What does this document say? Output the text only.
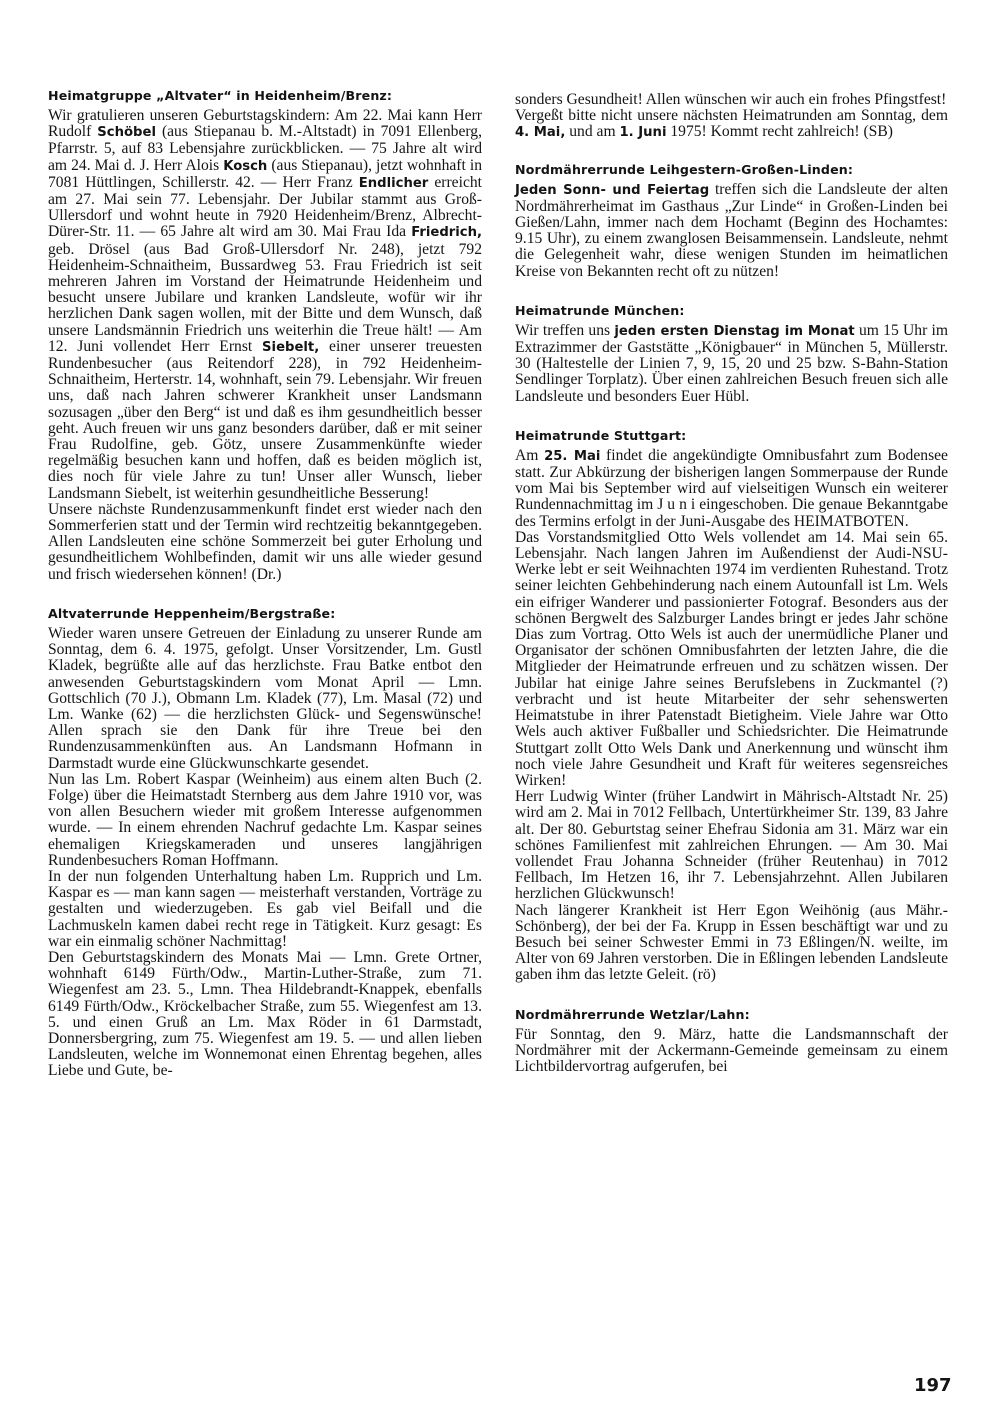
Heimatgruppe „Altvater“ in Heidenheim/Brenz:

Wir gratulieren unseren Geburtstagskindern: Am 22. Mai kann Herr Rudolf Schöbel (aus Stiepanau b. M.-Altstadt) in 7091 Ellenberg, Pfarrstr. 5, auf 83 Lebensjahre zurückblicken. — 75 Jahre alt wird am 24. Mai d. J. Herr Alois Kosch (aus Stiepanau), jetzt wohnhaft in 7081 Hüttlingen, Schillerstr. 42. — Herr Franz Endlicher erreicht am 27. Mai sein 77. Lebensjahr. Der Jubilar stammt aus Groß-Ullersdorf und wohnt heute in 7920 Heidenheim/Brenz, Albrecht-Dürer-Str. 11. — 65 Jahre alt wird am 30. Mai Frau Ida Friedrich, geb. Drösel (aus Bad Groß-Ullersdorf Nr. 248), jetzt 792 Heidenheim-Schnaitheim, Bussardweg 53. Frau Friedrich ist seit mehreren Jahren im Vorstand der Heimatrunde Heidenheim und besucht unsere Jubilare und kranken Landsleute, wofür wir ihr herzlichen Dank sagen wollen, mit der Bitte und dem Wunsch, daß unsere Landsmännin Friedrich uns weiterhin die Treue hält! — Am 12. Juni vollendet Herr Ernst Siebelt, einer unserer treuesten Rundenbesucher (aus Reitendorf 228), in 792 Heidenheim-Schnaitheim, Herterstr. 14, wohnhaft, sein 79. Lebensjahr. Wir freuen uns, daß nach Jahren schwerer Krankheit unser Landsmann sozusagen „über den Berg“ ist und daß es ihm gesundheitlich besser geht. Auch freuen wir uns ganz besonders darüber, daß er mit seiner Frau Rudolfine, geb. Götz, unsere Zusammenkünfte wieder regelmäßig besuchen kann und hoffen, daß es beiden möglich ist, dies noch für viele Jahre zu tun! Unser aller Wunsch, lieber Landsmann Siebelt, ist weiterhin gesundheitliche Besserung!

Unsere nächste Rundenzusammenkunft findet erst wieder nach den Sommerferien statt und der Termin wird rechtzeitig bekanntgegeben. Allen Landsleuten eine schöne Sommerzeit bei guter Erholung und gesundheitlichem Wohlbefinden, damit wir uns alle wieder gesund und frisch wiedersehen können! (Dr.)

Altvaterrunde Heppenheim/Bergstraße:

Wieder waren unsere Getreuen der Einladung zu unserer Runde am Sonntag, dem 6. 4. 1975, gefolgt. Unser Vorsitzender, Lm. Gustl Kladek, begrüßte alle auf das herzlichste. Frau Batke entbot den anwesenden Geburtstagskindern vom Monat April — Lmn. Gottschlich (70 J.), Obmann Lm. Kladek (77), Lm. Masal (72) und Lm. Wanke (62) — die herzlichsten Glück- und Segenswünsche! Allen sprach sie den Dank für ihre Treue bei den Rundenzusammenkünften aus. An Landsmann Hofmann in Darmstadt wurde eine Glückwunschkarte gesendet.

Nun las Lm. Robert Kaspar (Weinheim) aus einem alten Buch (2. Folge) über die Heimatstadt Sternberg aus dem Jahre 1910 vor, was von allen Besuchern wieder mit großem Interesse aufgenommen wurde. — In einem ehrenden Nachruf gedachte Lm. Kaspar seines ehemaligen Kriegskameraden und unseres langjährigen Rundenbesuchers Roman Hoffmann.

In der nun folgenden Unterhaltung haben Lm. Rupprich und Lm. Kaspar es — man kann sagen — meisterhaft verstanden, Vorträge zu gestalten und wiederzugeben. Es gab viel Beifall und die Lachmuskeln kamen dabei recht rege in Tätigkeit. Kurz gesagt: Es war ein einmalig schöner Nachmittag!

Den Geburtstagskindern des Monats Mai — Lmn. Grete Ortner, wohnhaft 6149 Fürth/Odw., Martin-Luther-Straße, zum 71. Wiegenfest am 23. 5., Lmn. Thea Hildebrandt-Knappek, ebenfalls 6149 Fürth/Odw., Kröckelbacher Straße, zum 55. Wiegenfest am 13. 5. und einen Gruß an Lm. Max Röder in 61 Darmstadt, Donnersbergring, zum 75. Wiegenfest am 19. 5. — und allen lieben Landsleuten, welche im Wonnemonat einen Ehrentag begehen, alles Liebe und Gute, be-

sonders Gesundheit! Allen wünschen wir auch ein frohes Pfingstfest!

Vergeßt bitte nicht unsere nächsten Heimatrunden am Sonntag, dem 4. Mai, und am 1. Juni 1975! Kommt recht zahlreich! (SB)

Nordmährerrunde Leihgestern-Großen-Linden:

Jeden Sonn- und Feiertag treffen sich die Landsleute der alten Nordmährerheimat im Gasthaus „Zur Linde“ in Großen-Linden bei Gießen/Lahn, immer nach dem Hochamt (Beginn des Hochamtes: 9.15 Uhr), zu einem zwanglosen Beisammensein. Landsleute, nehmt die Gelegenheit wahr, diese wenigen Stunden im heimatlichen Kreise von Bekannten recht oft zu nützen!

Heimatrunde München:

Wir treffen uns jeden ersten Dienstag im Monat um 15 Uhr im Extrazimmer der Gaststätte „Königbauer“ in München 5, Müllerstr. 30 (Haltestelle der Linien 7, 9, 15, 20 und 25 bzw. S-Bahn-Station Sendlinger Torplatz). Über einen zahlreichen Besuch freuen sich alle Landsleute und besonders Euer Hübl.

Heimatrunde Stuttgart:

Am 25. Mai findet die angekündigte Omnibusfahrt zum Bodensee statt. Zur Abkürzung der bisherigen langen Sommerpause der Runde vom Mai bis September wird auf vielseitigen Wunsch ein weiterer Rundennachmittag im J u n i eingeschoben. Die genaue Bekanntgabe des Termins erfolgt in der Juni-Ausgabe des HEIMATBOTEN.

Das Vorstandsmitglied Otto Wels vollendet am 14. Mai sein 65. Lebensjahr. Nach langen Jahren im Außendienst der Audi-NSU-Werke lebt er seit Weihnachten 1974 im verdienten Ruhestand. Trotz seiner leichten Gehbehinderung nach einem Autounfall ist Lm. Wels ein eifriger Wanderer und passionierter Fotograf. Besonders aus der schönen Bergwelt des Salzburger Landes bringt er jedes Jahr schöne Dias zum Vortrag. Otto Wels ist auch der unermüdliche Planer und Organisator der schönen Omnibusfahrten der letzten Jahre, die die Mitglieder der Heimatrunde erfreuen und zu schätzen wissen. Der Jubilar hat einige Jahre seines Berufslebens in Zuckmantel (?) verbracht und ist heute Mitarbeiter der sehr sehenswerten Heimatstube in ihrer Patenstadt Bietigheim. Viele Jahre war Otto Wels auch aktiver Fußballer und Schiedsrichter. Die Heimatrunde Stuttgart zollt Otto Wels Dank und Anerkennung und wünscht ihm noch viele Jahre Gesundheit und Kraft für weiteres segensreiches Wirken!

Herr Ludwig Winter (früher Landwirt in Mährisch-Altstadt Nr. 25) wird am 2. Mai in 7012 Fellbach, Untertürkheimer Str. 139, 83 Jahre alt. Der 80. Geburtstag seiner Ehefrau Sidonia am 31. März war ein schönes Familienfest mit zahlreichen Ehrungen. — Am 30. Mai vollendet Frau Johanna Schneider (früher Reutenhau) in 7012 Fellbach, Im Hetzen 16, ihr 7. Lebensjahrzehnt. Allen Jubilaren herzlichen Glückwunsch!

Nach längerer Krankheit ist Herr Egon Weihönig (aus Mähr.-Schönberg), der bei der Fa. Krupp in Essen beschäftigt war und zu Besuch bei seiner Schwester Emmi in 73 Eßlingen/N. weilte, im Alter von 69 Jahren verstorben. Die in Eßlingen lebenden Landsleute gaben ihm das letzte Geleit. (rö)

Nordmährerrunde Wetzlar/Lahn:

Für Sonntag, den 9. März, hatte die Landsmannschaft der Nordmährer mit der Ackermann-Gemeinde gemeinsam zu einem Lichtbildervortrag aufgerufen, bei

197
